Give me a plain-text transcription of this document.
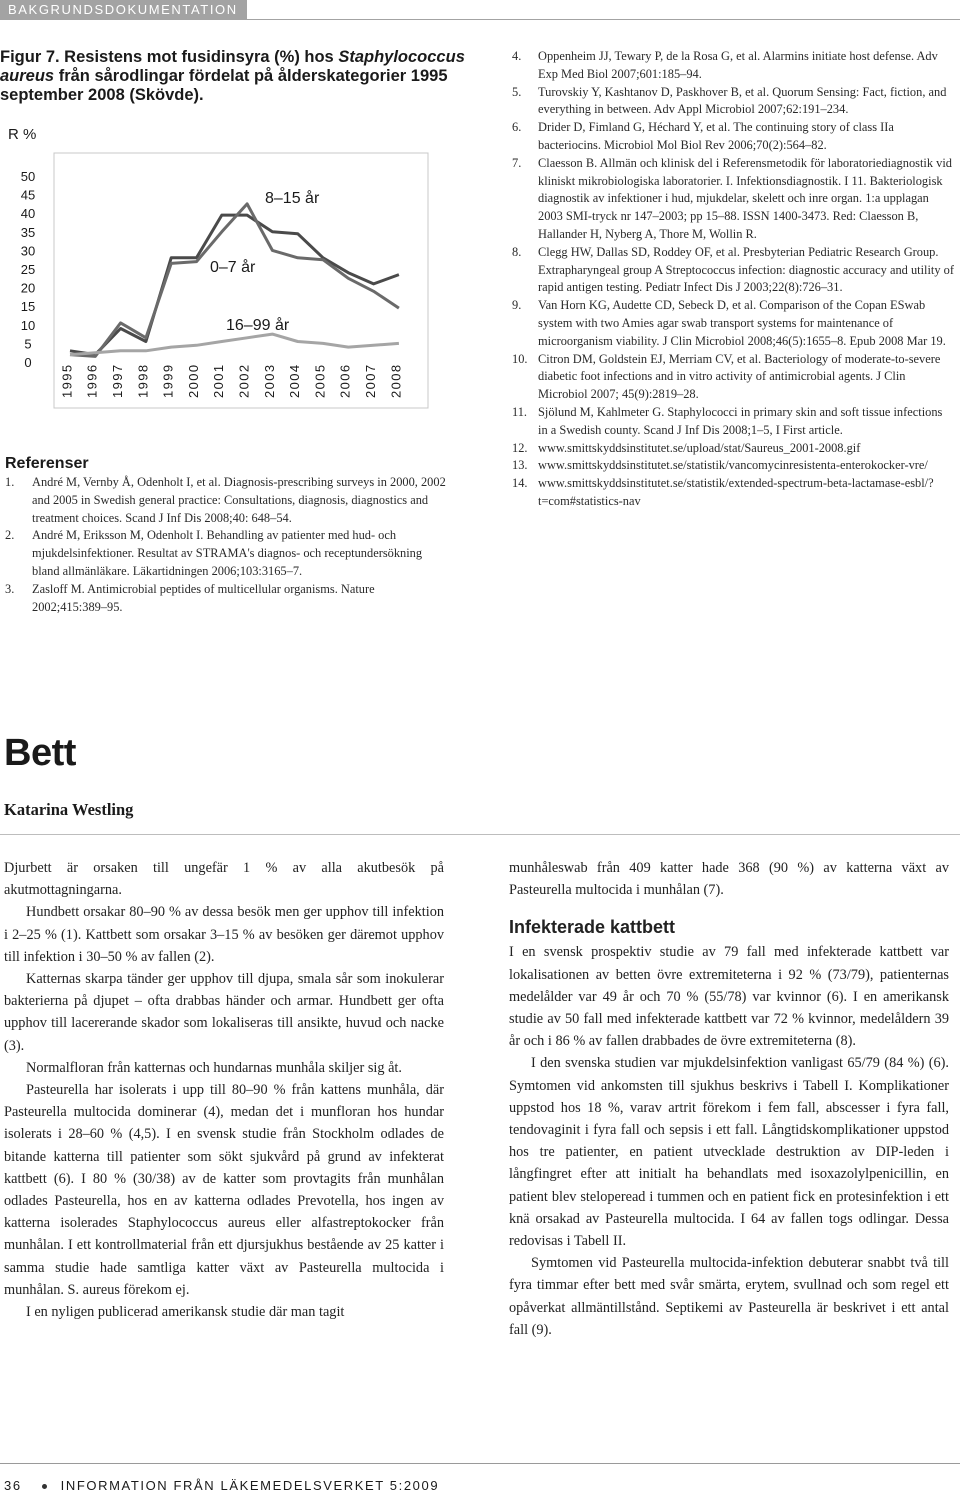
BAKGRUNDSDOKUMENTATION

Figur 7. Resistens mot fusidinsyra (%) hos Staphylococcus aureus från sårodlingar fördelat på ålderskategorier 1995 september 2008 (Skövde).

R %
0
5
10
15
20
25
30
35
40
45
50
1995 1996 1997 1998 1999 2000 2001 2002 2003 2004 2005 2006 2007 2008
0–7 år
8–15 år
16–99 år
Referenser
1. André M, Vernby Å, Odenholt I, et al. Diagnosis-prescribing surveys in 2000, 2002 and 2005 in Swedish general practice: Consultations, diagnosis, diagnostics and treatment choices. Scand J Inf Dis 2008;40: 648–54.
2. André M, Eriksson M, Odenholt I. Behandling av patienter med hud- och mjukdelsinfektioner. Resultat av STRAMA's diagnos- och receptundersökning bland allmänläkare. Läkartidningen 2006;103:3165–7.
3. Zasloff M. Antimicrobial peptides of multicellular organisms. Nature 2002;415:389–95.
4. Oppenheim JJ, Tewary P, de la Rosa G, et al. Alarmins initiate host defense. Adv Exp Med Biol 2007;601:185–94.
5. Turovskiy Y, Kashtanov D, Paskhover B, et al. Quorum Sensing: Fact, fiction, and everything in between. Adv Appl Microbiol 2007;62:191–234.
6. Drider D, Fimland G, Héchard Y, et al. The continuing story of class IIa bacteriocins. Microbiol Mol Biol Rev 2006;70(2):564–82.
7. Claesson B. Allmän och klinisk del i Referensmetodik för laboratoriediagnostik vid kliniskt mikrobiologiska laboratorier. I. Infektionsdiagnostik. I 11. Bakteriologisk diagnostik av infektioner i hud, mjukdelar, skelett och inre organ. 1:a upplagan 2003 SMI-tryck nr 147–2003; pp 15–88. ISSN 1400-3473. Red: Claesson B, Hallander H, Nyberg A, Thore M, Wollin R.
8. Clegg HW, Dallas SD, Roddey OF, et al. Presbyterian Pediatric Research Group. Extrapharyngeal group A Streptococcus infection: diagnostic accuracy and utility of rapid antigen testing. Pediatr Infect Dis J 2003;22(8):726–31.
9. Van Horn KG, Audette CD, Sebeck D, et al. Comparison of the Copan ESwab system with two Amies agar swab transport systems for maintenance of microorganism viability. J Clin Microbiol 2008;46(5):1655–8. Epub 2008 Mar 19.
10. Citron DM, Goldstein EJ, Merriam CV, et al. Bacteriology of moderate-to-severe diabetic foot infections and in vitro activity of antimicrobial agents. J Clin Microbiol 2007; 45(9):2819–28.
11. Sjölund M, Kahlmeter G. Staphylococci in primary skin and soft tissue infections in a Swedish county. Scand J Inf Dis 2008;1–5, I First article.
12. www.smittskyddsinstitutet.se/upload/stat/Saureus_2001-2008.gif
13. www.smittskyddsinstitutet.se/statistik/vancomycinresistenta-enterokocker-vre/
14. www.smittskyddsinstitutet.se/statistik/extended-spectrum-beta-lactamase-esbl/?t=com#statistics-nav
Bett
Katarina Westling

Djurbett är orsaken till ungefär 1 % av alla akutbesök på akutmottagningarna.

Hundbett orsakar 80–90 % av dessa besök men ger upphov till infektion i 2–25 % (1). Kattbett som orsakar 3–15 % av besöken ger däremot upphov till infektion i 30–50 % av fallen (2).

Katternas skarpa tänder ger upphov till djupa, smala sår som inokulerar bakterierna på djupet – ofta drabbas händer och armar. Hundbett ger ofta upphov till lacererande skador som lokaliseras till ansikte, huvud och nacke (3).

Normalfloran från katternas och hundarnas munhåla skiljer sig åt.

Pasteurella har isolerats i upp till 80–90 % från kattens munhåla, där Pasteurella multocida dominerar (4), medan det i munfloran hos hundar isolerats i 28–60 % (4,5). I en svensk studie från Stockholm odlades de bitande katterna till patienter som sökt sjukvård på grund av infekterat kattbett (6). I 80 % (30/38) av de katter som provtagits från munhålan odlades Pasteurella, hos en av katterna odlades Prevotella, hos ingen av katterna isolerades Staphylococcus aureus eller alfastreptokocker från munhålan. I ett kontrollmaterial från ett djursjukhus bestående av 25 katter i samma studie hade samtliga katter växt av Pasteurella multocida i munhålan. S. aureus förekom ej.

I en nyligen publicerad amerikansk studie där man tagit

munhåleswab från 409 katter hade 368 (90 %) av katterna växt av Pasteurella multocida i munhålan (7).

Infekterade kattbett

I en svensk prospektiv studie av 79 fall med infekterade kattbett var lokalisationen av betten övre extremiteterna i 92 % (73/79), patienternas medelålder var 49 år och 70 % (55/78) var kvinnor (6). I en amerikansk studie av 50 fall med infekterade kattbett var 72 % kvinnor, medelåldern 39 år och i 86 % av fallen drabbades de övre extremiteterna (8).

I den svenska studien var mjukdelsinfektion vanligast 65/79 (84 %) (6). Symtomen vid ankomsten till sjukhus beskrivs i Tabell I. Komplikationer uppstod hos 18 %, varav artrit förekom i fem fall, abscesser i fyra fall, tendovaginit i fyra fall och sepsis i ett fall. Långtidskomplikationer uppstod hos tre patienter, en patient utvecklade destruktion av DIP-leden i långfingret efter att initialt ha behandlats med isoxazolylpenicillin, en patient blev steloperead i tummen och en patient fick en protesinfektion i ett knä orsakad av Pasteurella multocida. I 64 av fallen togs odlingar. Dessa redovisas i Tabell II.

Symtomen vid Pasteurella multocida-infektion debuterar snabbt två till fyra timmar efter bett med svår smärta, erytem, svullnad och som regel ett opåverkat allmäntillstånd. Septikemi av Pasteurella är beskrivet i ett antal fall (9).

36	INFORMATION FRÅN LÄKEMEDELSVERKET 5:2009
